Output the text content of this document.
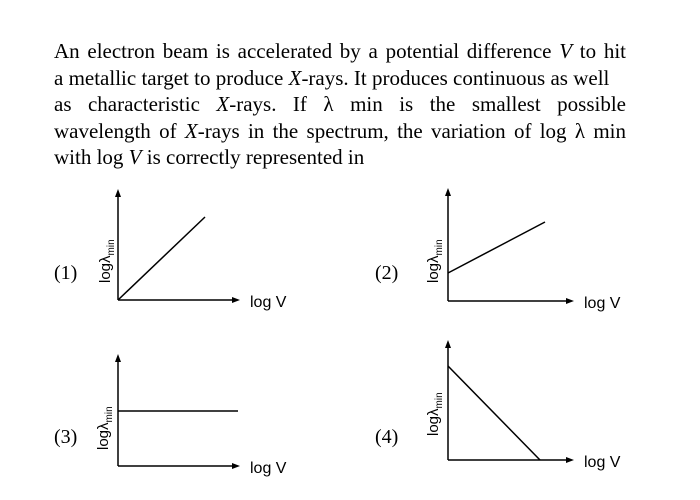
An electron beam is accelerated by a potential difference V to hit
a metallic target to produce X-rays. It produces continuous as well
as characteristic X-rays. If λ min is the smallest possible
wavelength of X-rays in the spectrum, the variation of log λ min
with log V is correctly represented in
(1)
log V
logλ$_{min}$
(2)
log V
logλ$_{min}$
(3)
log V
logλ$_{min}$
(4)
log V
logλ$_{min}$
